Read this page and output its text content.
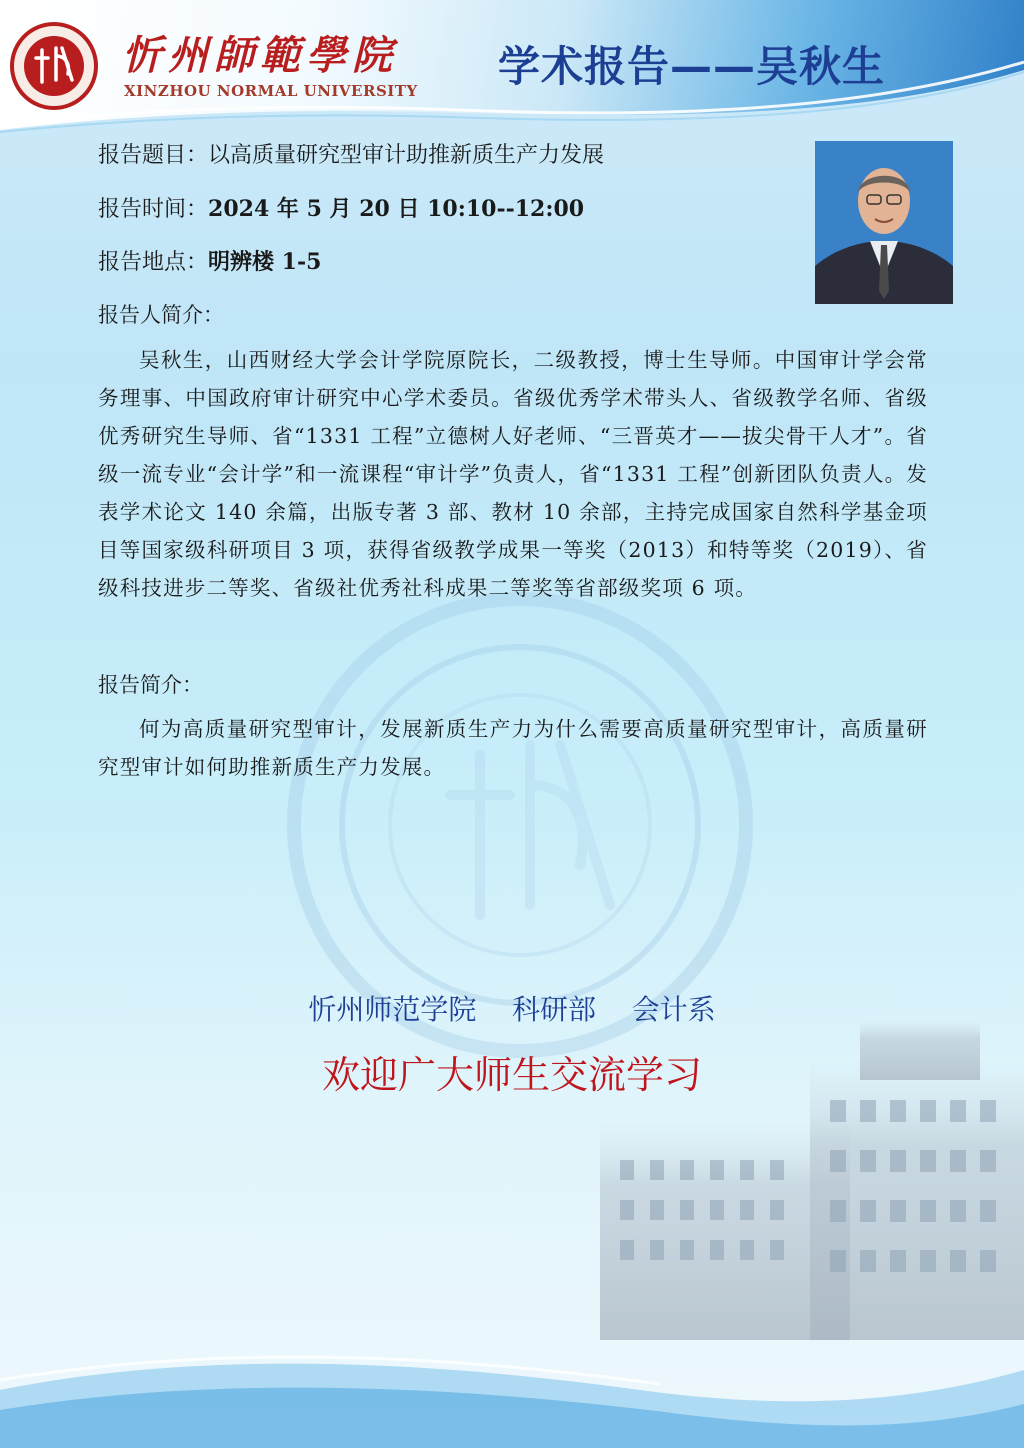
忻州師範學院
XINZHOU NORMAL UNIVERSITY 学术报告——吴秋生
报告题目：以高质量研究型审计助推新质生产力发展
报告时间：2024 年 5 月 20 日 10:10--12:00
报告地点：明辨楼 1-5
报告人简介：
吴秋生，山西财经大学会计学院原院长，二级教授，博士生导师。中国审计学会常务理事、中国政府审计研究中心学术委员。省级优秀学术带头人、省级教学名师、省级优秀研究生导师、省“1331 工程”立德树人好老师、“三晋英才——拔尖骨干人才”。省级一流专业“会计学”和一流课程“审计学”负责人，省“1331 工程”创新团队负责人。发表学术论文 140 余篇，出版专著 3 部、教材 10 余部，主持完成国家自然科学基金项目等国家级科研项目 3 项，获得省级教学成果一等奖（2013）和特等奖（2019）、省级科技进步二等奖、省级社优秀社科成果二等奖等省部级奖项 6 项。
报告简介：
何为高质量研究型审计，发展新质生产力为什么需要高质量研究型审计，高质量研究型审计如何助推新质生产力发展。
忻州师范学院    科研部    会计系
欢迎广大师生交流学习
